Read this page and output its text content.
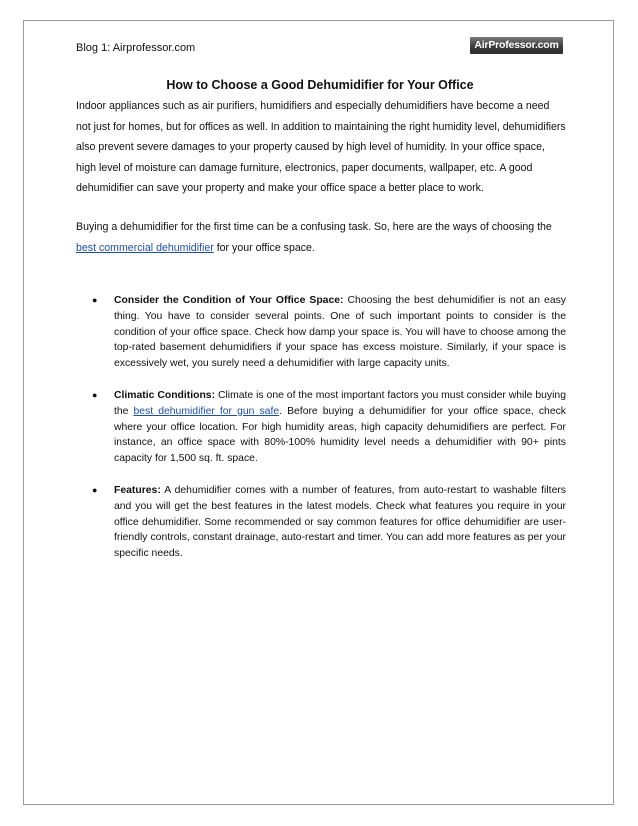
Blog 1: Airprofessor.com	AirProfessor.com
How to Choose a Good Dehumidifier for Your Office

Indoor appliances such as air purifiers, humidifiers and especially dehumidifiers have become a need not just for homes, but for offices as well. In addition to maintaining the right humidity level, dehumidifiers also prevent severe damages to your property caused by high level of humidity. In your office space, high level of moisture can damage furniture, electronics, paper documents, wallpaper, etc. A good dehumidifier can save your property and make your office space a better place to work.

Buying a dehumidifier for the first time can be a confusing task. So, here are the ways of choosing the best commercial dehumidifier for your office space.

● Consider the Condition of Your Office Space: Choosing the best dehumidifier is not an easy thing. You have to consider several points. One of such important points to consider is the condition of your office space. Check how damp your space is. You will have to choose among the top-rated basement dehumidifiers if your space has excess moisture. Similarly, if your space is excessively wet, you surely need a dehumidifier with large capacity units.
● Climatic Conditions: Climate is one of the most important factors you must consider while buying the best dehumidifier for gun safe. Before buying a dehumidifier for your office space, check where your office location. For high humidity areas, high capacity dehumidifiers are perfect. For instance, an office space with 80%-100% humidity level needs a dehumidifier with 90+ pints capacity for 1,500 sq. ft. space.
● Features: A dehumidifier comes with a number of features, from auto-restart to washable filters and you will get the best features in the latest models. Check what features you require in your office dehumidifier. Some recommended or say common features for office dehumidifier are user-friendly controls, constant drainage, auto-restart and timer. You can add more features as per your specific needs.
